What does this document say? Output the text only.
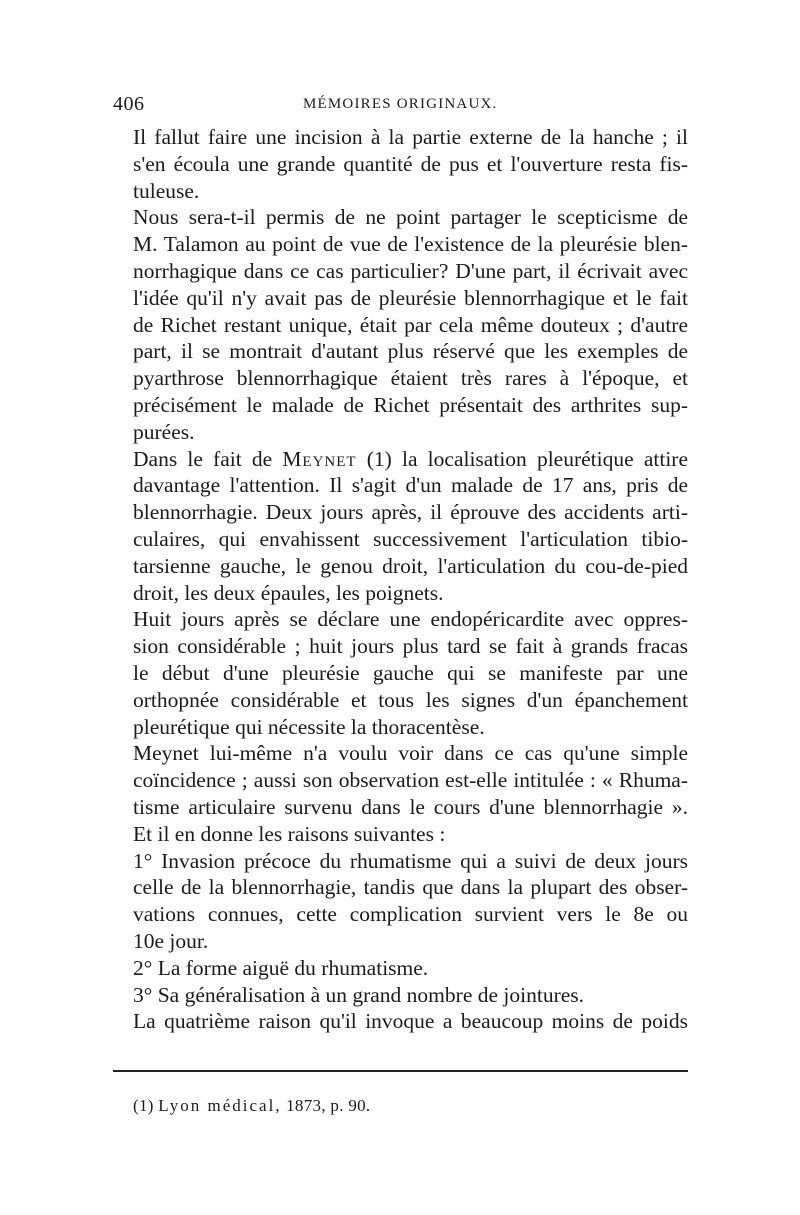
406	MÉMOIRES ORIGINAUX.

Il fallut faire une incision à la partie externe de la hanche ; il
s'en écoula une grande quantité de pus et l'ouverture resta fis-
tuleuse.

Nous sera-t-il permis de ne point partager le scepticisme de
M. Talamon au point de vue de l'existence de la pleurésie blen-
norrhagique dans ce cas particulier? D'une part, il écrivait avec
l'idée qu'il n'y avait pas de pleurésie blennorrhagique et le fait
de Richet restant unique, était par cela même douteux ; d'autre
part, il se montrait d'autant plus réservé que les exemples de
pyarthrose blennorrhagique étaient très rares à l'époque, et
précisément le malade de Richet présentait des arthrites sup-
purées.

Dans le fait de Meynet (1) la localisation pleurétique attire
davantage l'attention. Il s'agit d'un malade de 17 ans, pris de
blennorrhagie. Deux jours après, il éprouve des accidents arti-
culaires, qui envahissent successivement l'articulation tibio-
tarsienne gauche, le genou droit, l'articulation du cou-de-pied
droit, les deux épaules, les poignets.

Huit jours après se déclare une endopéricardite avec oppres-
sion considérable ; huit jours plus tard se fait à grands fracas
le début d'une pleurésie gauche qui se manifeste par une
orthopnée considérable et tous les signes d'un épanchement
pleurétique qui nécessite la thoracentèse.

Meynet lui-même n'a voulu voir dans ce cas qu'une simple
coïncidence ; aussi son observation est-elle intitulée : « Rhuma-
tisme articulaire survenu dans le cours d'une blennorrhagie ».
Et il en donne les raisons suivantes :

1° Invasion précoce du rhumatisme qui a suivi de deux jours
celle de la blennorrhagie, tandis que dans la plupart des obser-
vations connues, cette complication survient vers le 8e ou
10e jour.

2° La forme aiguë du rhumatisme.

3° Sa généralisation à un grand nombre de jointures.

La quatrième raison qu'il invoque a beaucoup moins de poids

(1) Lyon médical, 1873, p. 90.
